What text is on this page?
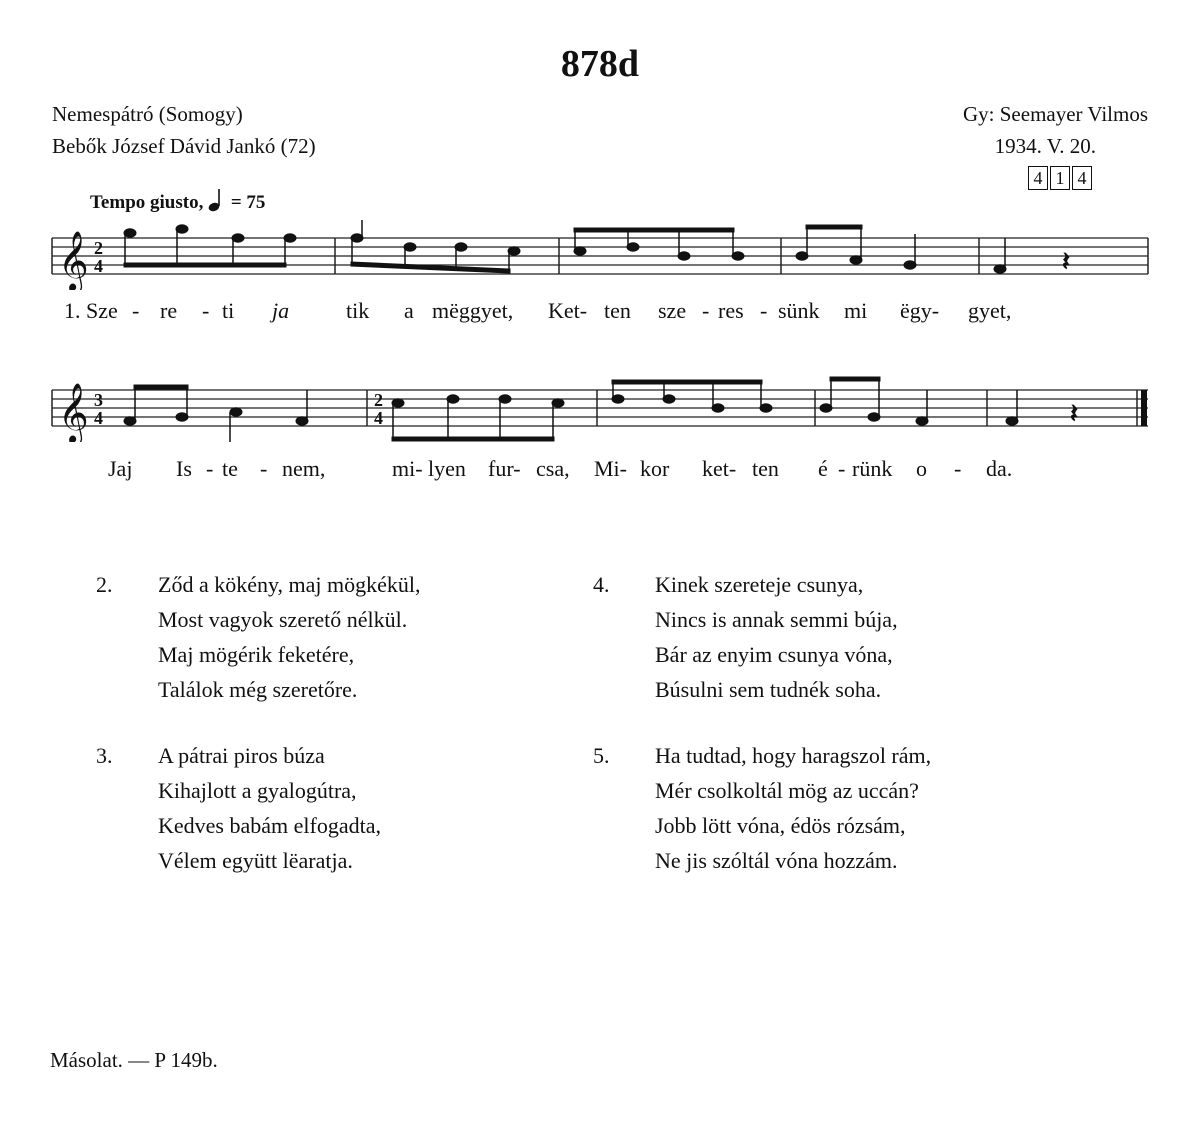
878d
Nemespátró (Somogy)
Bebők József Dávid Jankó (72)
Gy: Seemayer Vilmos
1934. V. 20.
4 1 4
Tempo giusto, = 75
𝄞 2
4	𝄽
1. Sze - re - ti ja	tik a mëggyet, Ket- ten sze - res - sünk mi ëgy- gyet,
𝄞 3
4
2
4	𝄽
Jaj Is - te - nem,	mi- lyen fur- csa, Mi- kor ket- ten é - rünk o - da.
2. Ződ a kökény, maj mögkékül,
Most vagyok szerető nélkül.
Maj mögérik feketére,
Találok még szeretőre.
3. A pátrai piros búza
Kihajlott a gyalogútra,
Kedves babám elfogadta,
Vélem együtt lëaratja.
4. Kinek szereteje csunya,
Nincs is annak semmi búja,
Bár az enyim csunya vóna,
Búsulni sem tudnék soha.
5. Ha tudtad, hogy haragszol rám,
Mér csolkoltál mög az uccán?
Jobb lött vóna, édös rózsám,
Ne jis szóltál vóna hozzám.
Másolat. — P 149b.
